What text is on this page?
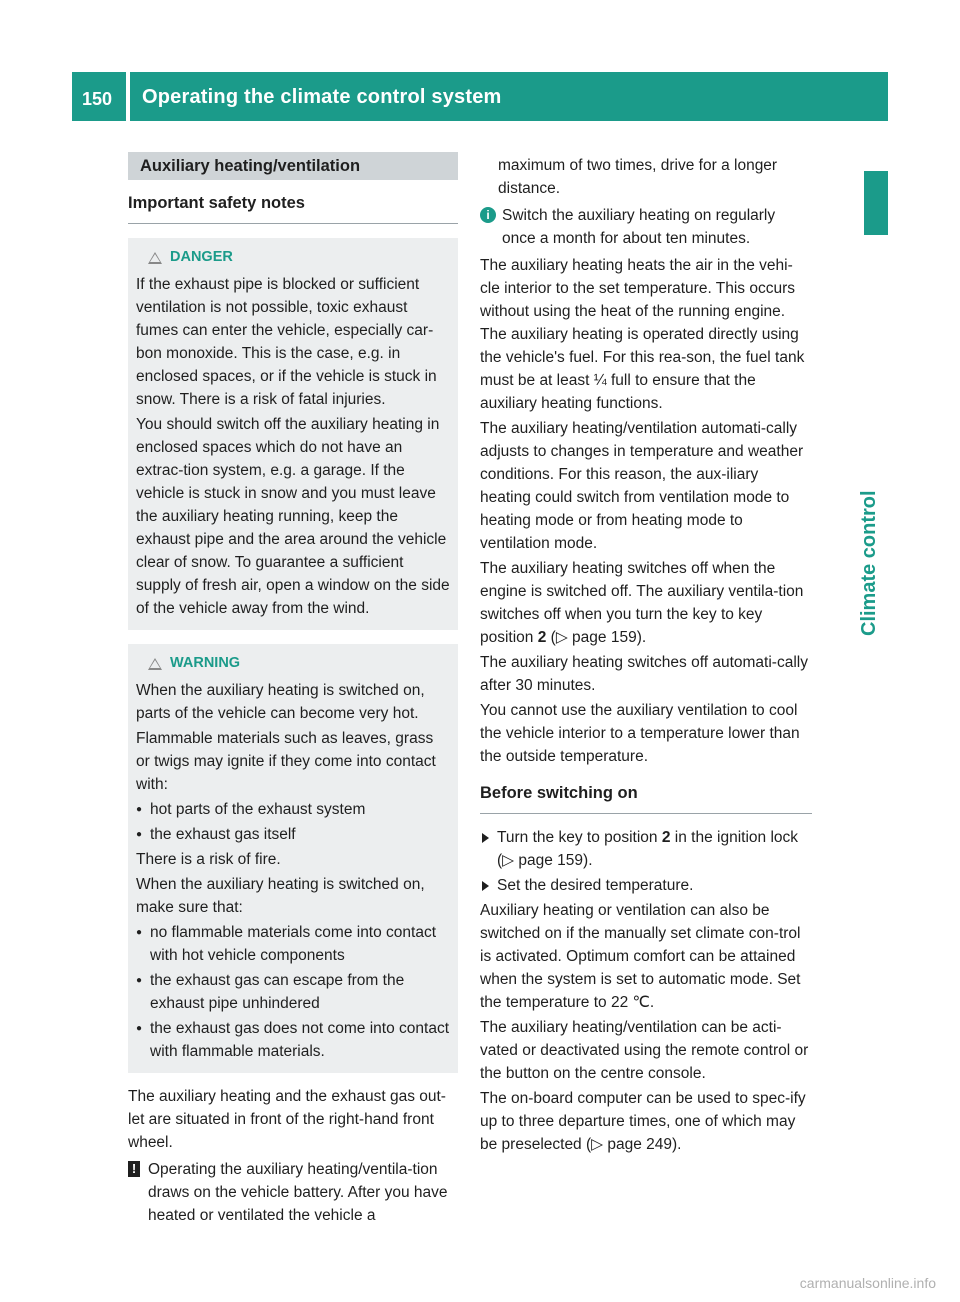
150 Operating the climate control system
Climate control
Auxiliary heating/ventilation
Important safety notes
DANGER

If the exhaust pipe is blocked or sufficient ventilation is not possible, toxic exhaust fumes can enter the vehicle, especially car-bon monoxide. This is the case, e.g. in enclosed spaces, or if the vehicle is stuck in snow. There is a risk of fatal injuries.

You should switch off the auxiliary heating in enclosed spaces which do not have an extrac-tion system, e.g. a garage. If the vehicle is stuck in snow and you must leave the auxiliary heating running, keep the exhaust pipe and the area around the vehicle clear of snow. To guarantee a sufficient supply of fresh air, open a window on the side of the vehicle away from the wind.

WARNING

When the auxiliary heating is switched on, parts of the vehicle can become very hot.

Flammable materials such as leaves, grass or twigs may ignite if they come into contact with:

● hot parts of the exhaust system
● the exhaust gas itself

There is a risk of fire.

When the auxiliary heating is switched on, make sure that:

● no flammable materials come into contact with hot vehicle components
● the exhaust gas can escape from the exhaust pipe unhindered
● the exhaust gas does not come into contact with flammable materials.

The auxiliary heating and the exhaust gas out-let are situated in front of the right-hand front wheel.

! Operating the auxiliary heating/ventila-tion draws on the vehicle battery. After you have heated or ventilated the vehicle a

maximum of two times, drive for a longer distance.

i Switch the auxiliary heating on regularly once a month for about ten minutes.

The auxiliary heating heats the air in the vehi-cle interior to the set temperature. This occurs without using the heat of the running engine. The auxiliary heating is operated directly using the vehicle's fuel. For this rea-son, the fuel tank must be at least ¼ full to ensure that the auxiliary heating functions.

The auxiliary heating/ventilation automati-cally adjusts to changes in temperature and weather conditions. For this reason, the aux-iliary heating could switch from ventilation mode to heating mode or from heating mode to ventilation mode.

The auxiliary heating switches off when the engine is switched off. The auxiliary ventila-tion switches off when you turn the key to key position 2 (▷ page 159).

The auxiliary heating switches off automati-cally after 30 minutes.

You cannot use the auxiliary ventilation to cool the vehicle interior to a temperature lower than the outside temperature.

Before switching on
Turn the key to position 2 in the ignition lock (▷ page 159).
Set the desired temperature.

Auxiliary heating or ventilation can also be switched on if the manually set climate con-trol is activated. Optimum comfort can be attained when the system is set to automatic mode. Set the temperature to 22 ℃.

The auxiliary heating/ventilation can be acti-vated or deactivated using the remote control or the button on the centre console.

The on-board computer can be used to spec-ify up to three departure times, one of which may be preselected (▷ page 249).

carmanualsonline.info
